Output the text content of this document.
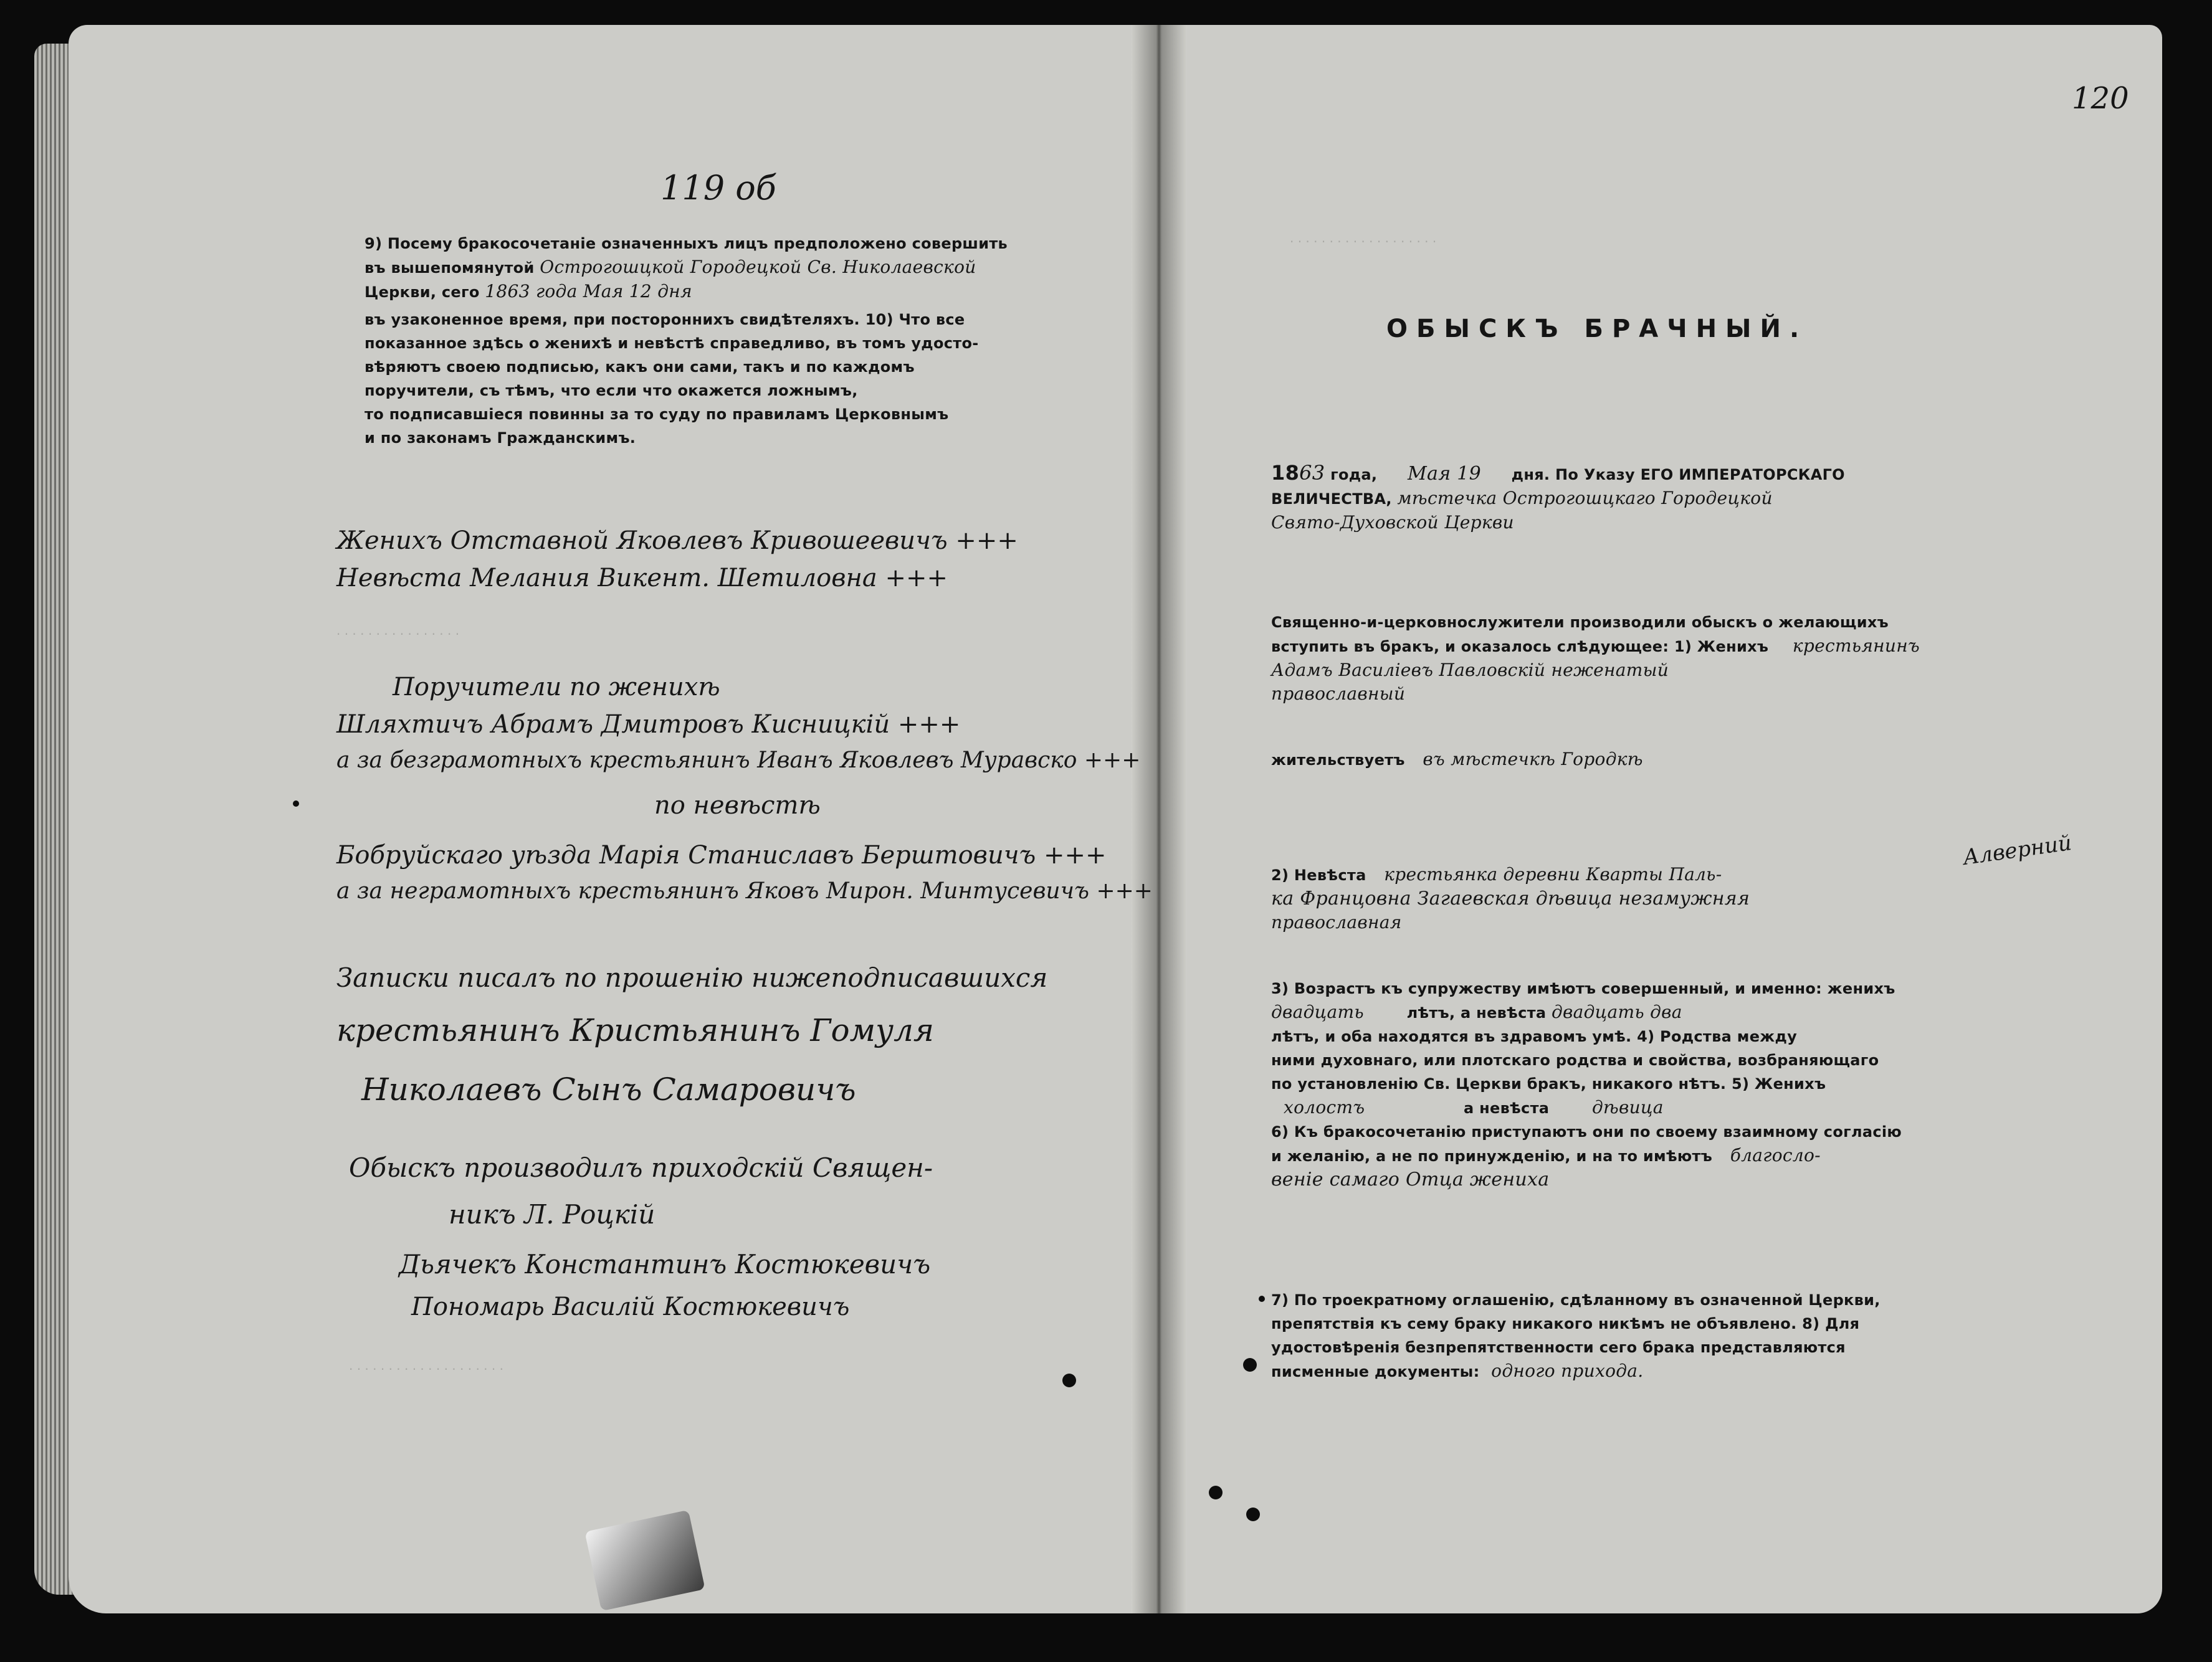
. . . . . . . . . . . . . . . . . . .
. . . . . . . . . . . . . . . .
. . . . . . . . . . . . . . . . . . . .
119 об
9) Посему бракосочетаніе означенныхъ лицъ предположено совершить
въ вышепомянутой Острогошцкой Городецкой Св. Николаевской
Церкви, сего 1863 года Мая 12 дня
въ узаконенное время, при постороннихъ свидѣтеляхъ. 10) Что все
показанное здѣсь о женихѣ и невѣстѣ справедливо, въ томъ удосто-
вѣряютъ своею подписью, какъ они сами, такъ и по каждомъ
поручители, съ тѣмъ, что если что окажется ложнымъ,
то подписавшіеся повинны за то суду по правиламъ Церковнымъ
и по законамъ Гражданскимъ.
Женихъ Отставной Яковлевъ Кривошеевичъ +++
Невѣста Мелания Викент. Шетиловна +++
Поручители по женихѣ
Шляхтичъ Абрамъ Дмитровъ Кисницкій +++
а за безграмотныхъ крестьянинъ Иванъ Яковлевъ Муравско +++
по невѣстѣ
Бобруйскаго уѣзда Марія Станиславъ Берштовичъ +++
а за неграмотныхъ крестьянинъ Яковъ Мирон. Минтусевичъ +++
Записки писалъ по прошенію нижеподписавшихся
крестьянинъ Кристьянинъ Гомуля
Николаевъ Сынъ Самаровичъ
Обыскъ производилъ приходскій Священ-
никъ Л. Роцкій
Дьячекъ Константинъ Костюкевичъ
Пономарь Василій Костюкевичъ
120
ОБЫСКЪ БРАЧНЫЙ.
1863 года, Мая 19 дня. По Указу ЕГО ИМПЕРАТОРСКАГО
ВЕЛИЧЕСТВА, мѣстечка Острогошцкаго Городецкой
Свято-Духовской Церкви
Священно-и-церковнослужители производили обыскъ о желающихъ
вступить въ бракъ, и оказалось слѣдующее: 1) Женихъ крестьянинъ
Адамъ Василіевъ Павловскій неженатый
православный
жительствуетъ въ мѣстечкѣ Городкѣ
Алверний
2) Невѣста крестьянка деревни Кварты Паль-
ка Францовна Загаевская дѣвица незамужняя
православная
3) Возрастъ къ супружеству имѣютъ совершенный, и именно: женихъ
двадцать	лѣтъ, а невѣста двадцать два
лѣтъ, и оба находятся въ здравомъ умѣ. 4) Родства между
ними духовнаго, или плотскаго родства и свойства, возбраняющаго
по установленію Св. Церкви бракъ, никакого нѣтъ. 5) Женихъ
холостъ	а невѣста дѣвица
6) Къ бракосочетанію приступаютъ они по своему взаимному согласію
и желанію, а не по принужденію, и на то имѣютъ благосло-
веніе самаго Отца жениха
7) По троекратному оглашенію, сдѣланному въ означенной Церкви,
препятствія къ сему браку никакого никѣмъ не объявлено. 8) Для
удостовѣренія безпрепятственности сего брака представляются
писменные документы: одного прихода.
